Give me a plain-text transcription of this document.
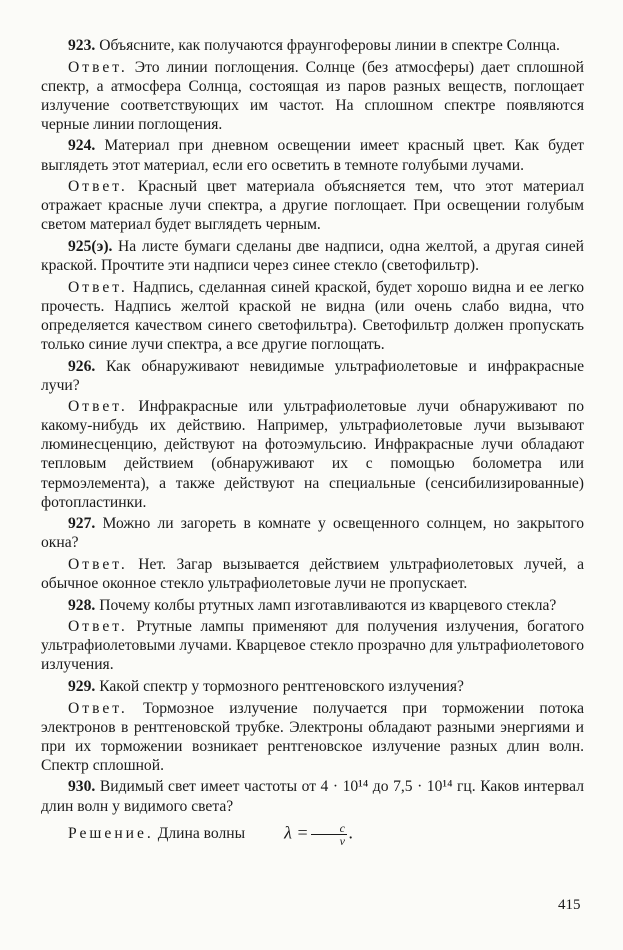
923. Объясните, как получаются фраунгоферовы линии в спектре Солнца.

Ответ. Это линии поглощения. Солнце (без атмосферы) дает сплошной спектр, а атмосфера Солнца, состоящая из паров разных веществ, поглощает излучение соответствующих им частот. На сплошном спектре появляются черные линии поглощения.

924. Материал при дневном освещении имеет красный цвет. Как будет выглядеть этот материал, если его осветить в темноте голубыми лучами.

Ответ. Красный цвет материала объясняется тем, что этот материал отражает красные лучи спектра, а другие поглощает. При освещении голубым светом материал будет выглядеть черным.

925(э). На листе бумаги сделаны две надписи, одна желтой, а другая синей краской. Прочтите эти надписи через синее стекло (светофильтр).

Ответ. Надпись, сделанная синей краской, будет хорошо видна и ее легко прочесть. Надпись желтой краской не видна (или очень слабо видна, что определяется качеством синего светофильтра). Светофильтр должен пропускать только синие лучи спектра, а все другие поглощать.

926. Как обнаруживают невидимые ультрафиолетовые и инфракрасные лучи?

Ответ. Инфракрасные или ультрафиолетовые лучи обнаруживают по какому-нибудь их действию. Например, ультрафиолетовые лучи вызывают люминесценцию, действуют на фотоэмульсию. Инфракрасные лучи обладают тепловым действием (обнаруживают их с помощью болометра или термоэлемента), а также действуют на специальные (сенсибилизированные) фотопластинки.

927. Можно ли загореть в комнате у освещенного солнцем, но закрытого окна?

Ответ. Нет. Загар вызывается действием ультрафиолетовых лучей, а обычное оконное стекло ультрафиолетовые лучи не пропускает.

928. Почему колбы ртутных ламп изготавливаются из кварцевого стекла?

Ответ. Ртутные лампы применяют для получения излучения, богатого ультрафиолетовыми лучами. Кварцевое стекло прозрачно для ультрафиолетового излучения.

929. Какой спектр у тормозного рентгеновского излучения?

Ответ. Тормозное излучение получается при торможении потока электронов в рентгеновской трубке. Электроны обладают разными энергиями и при их торможении возникает рентгеновское излучение разных длин волн. Спектр сплошной.

930. Видимый свет имеет частоты от 4 · 10¹⁴ до 7,5 · 10¹⁴ гц. Каков интервал длин волн у видимого света?

Решение. Длина волны $\lambda = \frac{c}{\nu}$ .

415
